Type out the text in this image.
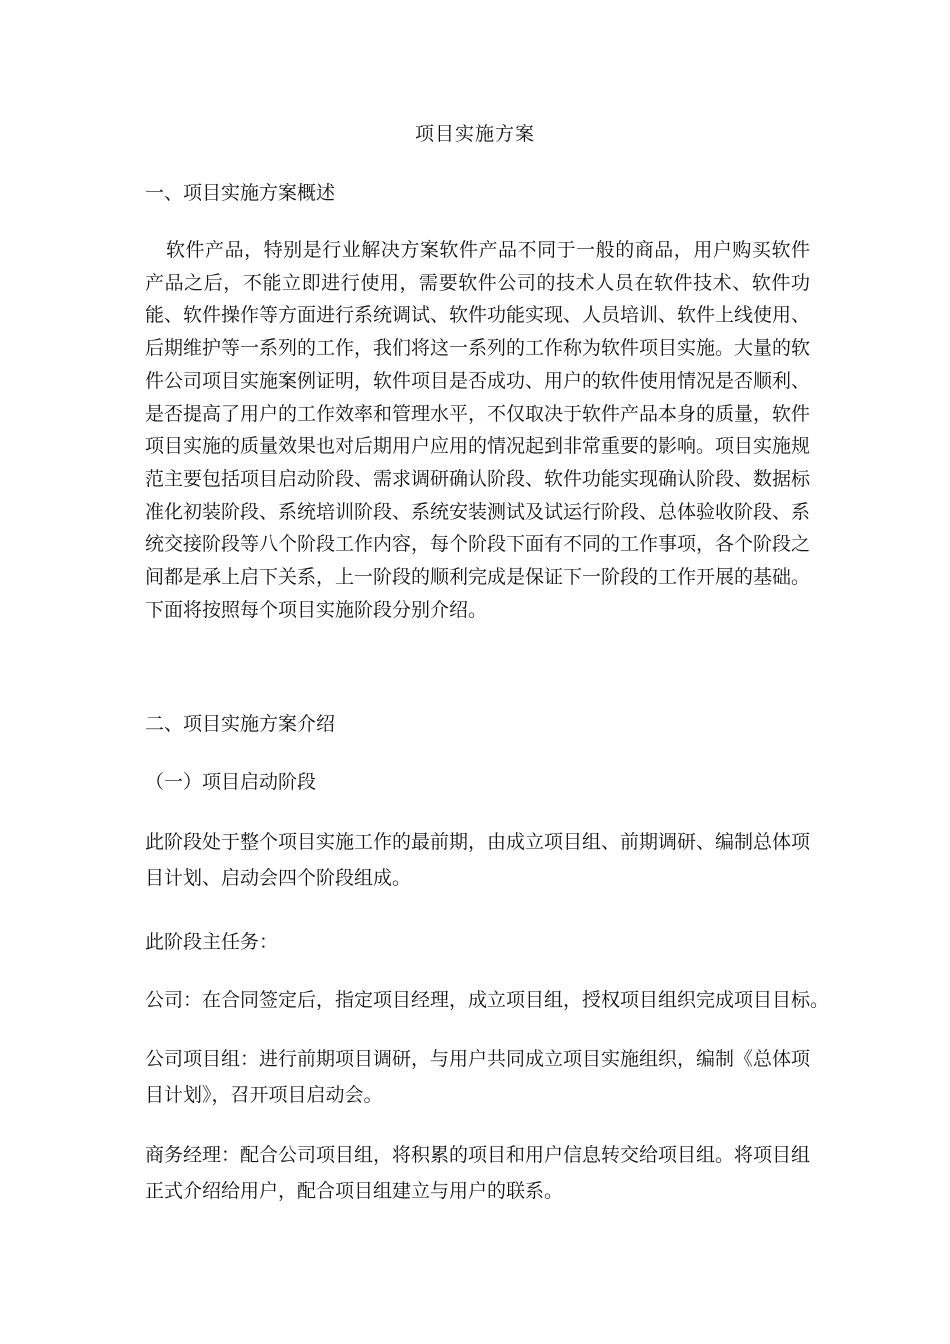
项目实施方案
一、项目实施方案概述
软件产品，特别是行业解决方案软件产品不同于一般的商品，用户购买软件产品之后，不能立即进行使用，需要软件公司的技术人员在软件技术、软件功能、软件操作等方面进行系统调试、软件功能实现、人员培训、软件上线使用、后期维护等一系列的工作，我们将这一系列的工作称为软件项目实施。大量的软件公司项目实施案例证明，软件项目是否成功、用户的软件使用情况是否顺利、是否提高了用户的工作效率和管理水平，不仅取决于软件产品本身的质量，软件项目实施的质量效果也对后期用户应用的情况起到非常重要的影响。项目实施规范主要包括项目启动阶段、需求调研确认阶段、软件功能实现确认阶段、数据标准化初装阶段、系统培训阶段、系统安装测试及试运行阶段、总体验收阶段、系统交接阶段等八个阶段工作内容，每个阶段下面有不同的工作事项，各个阶段之间都是承上启下关系，上一阶段的顺利完成是保证下一阶段的工作开展的基础。下面将按照每个项目实施阶段分别介绍。
二、项目实施方案介绍
（一）项目启动阶段
此阶段处于整个项目实施工作的最前期，由成立项目组、前期调研、编制总体项目计划、启动会四个阶段组成。
此阶段主任务：
公司：在合同签定后，指定项目经理，成立项目组，授权项目组织完成项目目标。
公司项目组：进行前期项目调研，与用户共同成立项目实施组织，编制《总体项目计划》，召开项目启动会。
商务经理：配合公司项目组，将积累的项目和用户信息转交给项目组。将项目组正式介绍给用户，配合项目组建立与用户的联系。
